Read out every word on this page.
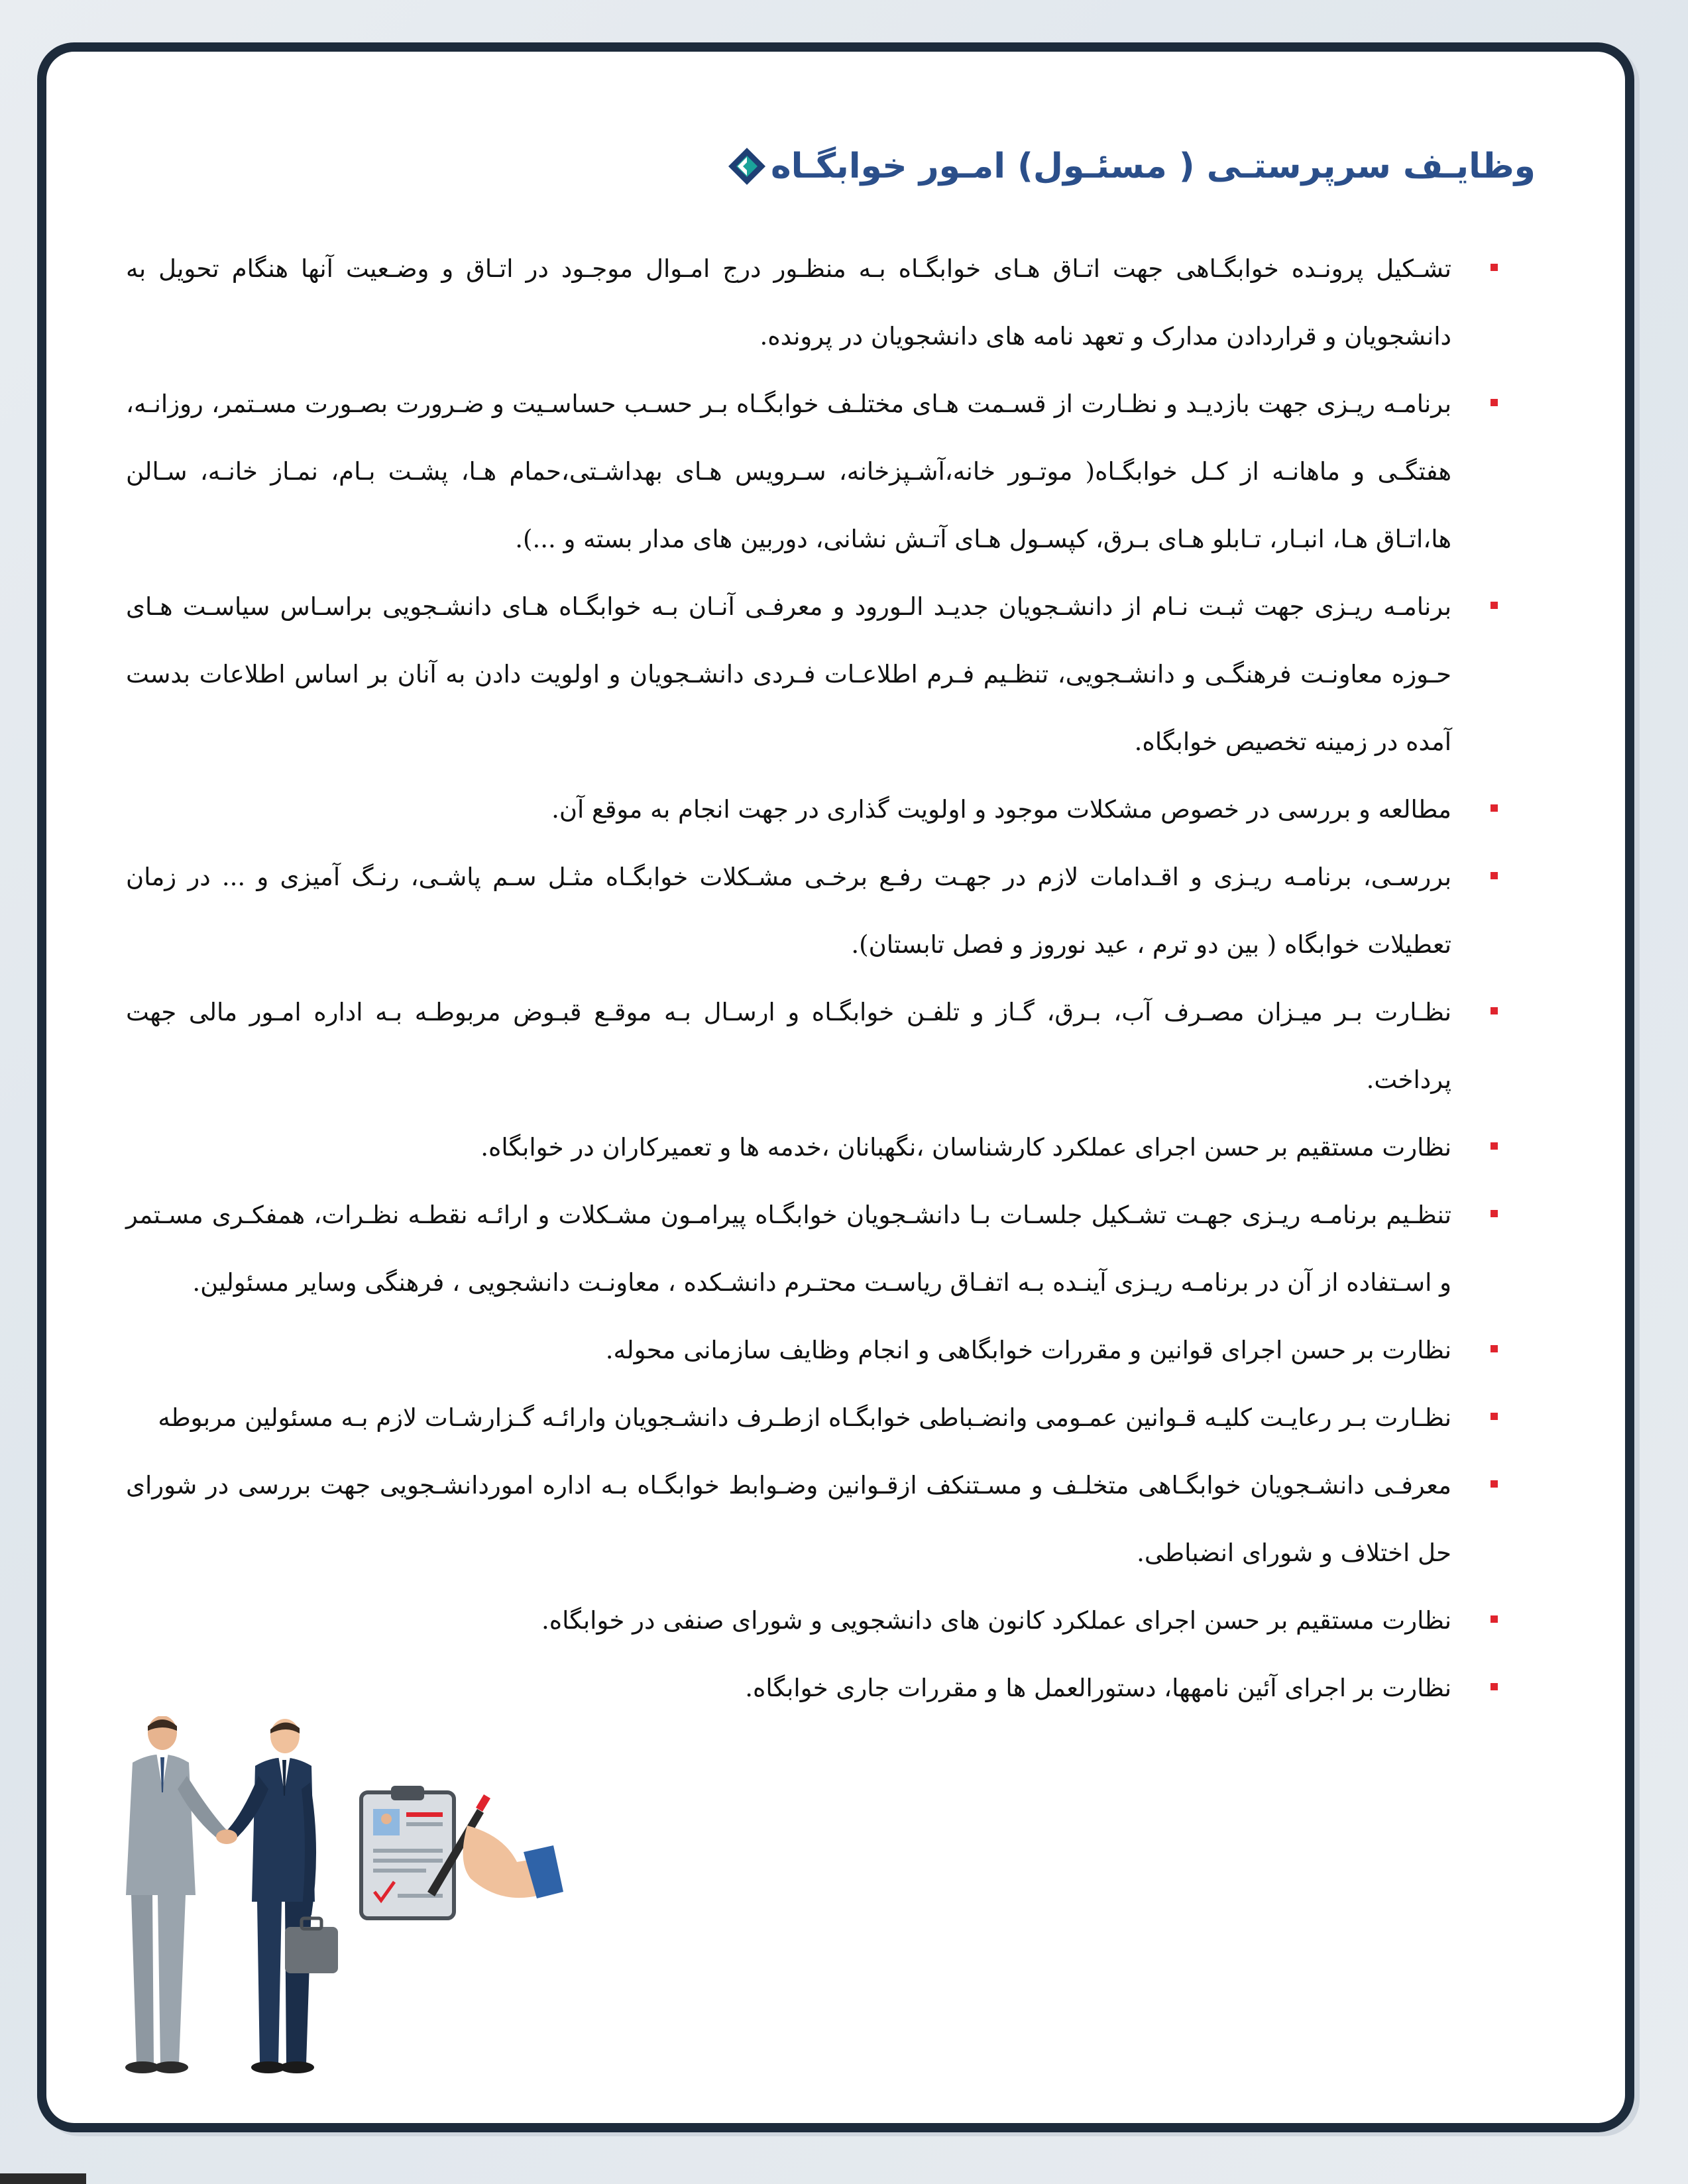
وظایـف سرپرستـی ( مسئـول) امـور خوابگـاه

تشـکیل پرونـده خوابگـاهی جهت اتـاق هـای خوابگـاه بـه منظـور درج امـوال موجـود در اتـاق و وضـعیت آنها هنگام تحویل به دانشجویان و قراردادن مدارک و تعهد نامه های دانشجویان در پرونده.

برنامـه ریـزی جهت بازدیـد و نظـارت از قسـمت هـای مختلـف خوابگـاه بـر حسـب حساسـیت و ضـرورت بصـورت مسـتمر، روزانـه، هفتگـی و ماهانـه از کـل خوابگـاه( موتـور خانه،آشـپزخانه، سـرویس هـای بهداشـتی،حمام هـا، پشـت بـام، نمـاز خانـه، سـالن ها،اتـاق هـا، انبـار، تـابلو هـای بـرق، کپسـول هـای آتـش نشانی، دوربین های مدار بسته و ...).

برنامـه ریـزی جهت ثبـت نـام از دانشـجویان جدیـد الـورود و معرفـی آنـان بـه خوابگـاه هـای دانشـجویی براسـاس سیاسـت هـای حـوزه معاونـت فرهنگـی و دانشـجویی، تنظـیم فـرم اطلاعـات فـردی دانشـجویان و اولویت دادن به آنان بر اساس اطلاعات بدست آمده در زمینه تخصیص خوابگاه.

مطالعه و بررسی در خصوص مشکلات موجود و اولویت گذاری در جهت انجام به موقع آن.

بررسـی، برنامـه ریـزی و اقـدامات لازم در جهـت رفـع برخـی مشـکلات خوابگـاه مثـل سـم پاشـی، رنـگ آمیزی و ... در زمان تعطیلات خوابگاه ( بین دو ترم ، عید نوروز و فصل تابستان).

نظـارت بـر میـزان مصـرف آب، بـرق، گـاز و تلفـن خوابگـاه و ارسـال بـه موقـع قبـوض مربوطـه بـه اداره امـور مالی جهت پرداخت.

نظارت مستقیم بر حسن اجرای عملکرد کارشناسان ،نگهبانان ،خدمه ها و تعمیرکاران در خوابگاه.

تنظـیم برنامـه ریـزی جهـت تشـکیل جلسـات بـا دانشـجویان خوابگـاه پیرامـون مشـکلات و ارائـه نقطـه نظـرات، همفکـری مسـتمر و اسـتفاده از آن در برنامـه ریـزی آینـده بـه اتفـاق ریاسـت محتـرم دانشـکده ، معاونـت دانشجویی ، فرهنگی وسایر مسئولین.

نظارت بر حسن اجرای قوانین و مقررات خوابگاهی و انجام وظایف سازمانی محوله.

نظـارت بـر رعایـت کلیـه قـوانین عمـومی وانضـباطی خوابگـاه ازطـرف دانشـجویان وارائـه گـزارشـات لازم بـه مسئولین مربوطه

معرفـی دانشـجویان خوابگـاهی متخلـف و مسـتنکف ازقـوانین وضـوابط خوابگـاه بـه اداره اموردانشـجویی جهت بررسی در شورای حل اختلاف و شورای انضباطی.

نظارت مستقیم بر حسن اجرای عملکرد کانون های دانشجویی و شورای صنفی در خوابگاه.

نظارت بر اجرای آئین نامهها، دستورالعمل ها و مقررات جاری خوابگاه.
